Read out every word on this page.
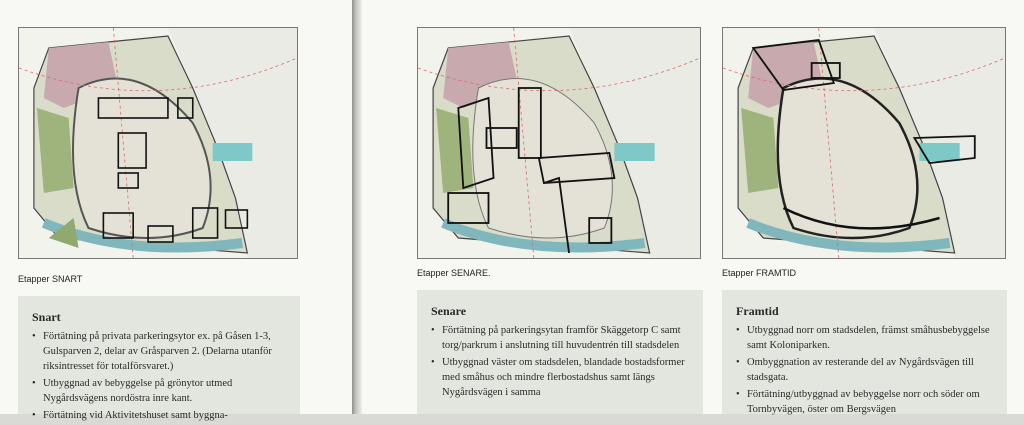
Etapper SNART
Etapper SENARE.	Etapper FRAMTID
Snart
• Förtätning på privata parkeringsytor ex. på Gåsen 1-3, Gulsparven 2, delar av Gråsparven 2. (Delarna utanför riksintresset för totalförsvaret.)
• Utbyggnad av bebyggelse på grönytor utmed Nygårdsvägens nordöstra inre kant.
• Förtätning vid Aktivitetshuset samt byggna-
Senare
• Förtätning på parkeringsytan framför Skäggetorp C samt torg/parkrum i anslutning till huvudentrén till stadsdelen
• Utbyggnad väster om stadsdelen, blandade bostadsformer med småhus och mindre flerbostadshus samt längs Nygårdsvägen i samma
Framtid
• Utbyggnad norr om stadsdelen, främst småhusbebyggelse samt Koloniparken.
• Ombyggnation av resterande del av Nygårdsvägen till stadsgata.
• Förtätning/utbyggnad av bebyggelse norr och söder om Tornbyvägen, öster om Bergsvägen
